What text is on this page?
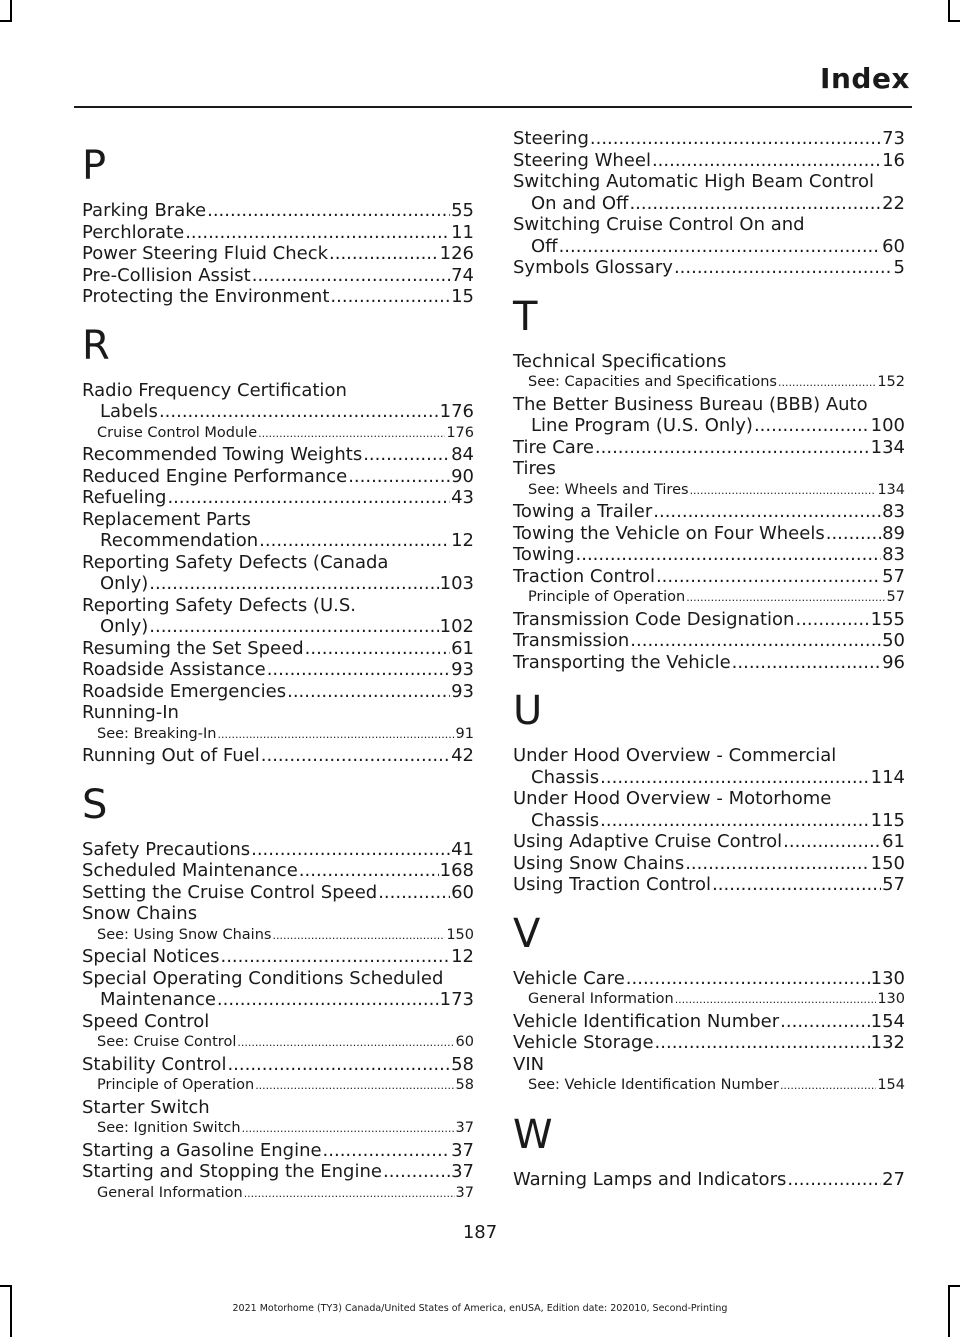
Index
P
Parking Brake .....	55
Perchlorate .....	11
Power Steering Fluid Check .....	126
Pre-Collision Assist .....	74
Protecting the Environment .....	15
R
Radio Frequency Certification
Labels .....	176
Cruise Control Module .....	176
Recommended Towing Weights .....	84
Reduced Engine Performance .....	90
Refueling .....	43
Replacement Parts
Recommendation .....	12
Reporting Safety Defects (Canada
Only) .....	103
Reporting Safety Defects (U.S.
Only) .....	102
Resuming the Set Speed .....	61
Roadside Assistance .....	93
Roadside Emergencies .....	93
Running-In
See: Breaking-In .....	91
Running Out of Fuel .....	42
S
Safety Precautions .....	41
Scheduled Maintenance .....	168
Setting the Cruise Control Speed .....	60
Snow Chains
See: Using Snow Chains .....	150
Special Notices .....	12
Special Operating Conditions Scheduled
Maintenance .....	173
Speed Control
See: Cruise Control .....	60
Stability Control .....	58
Principle of Operation .....	58
Starter Switch
See: Ignition Switch .....	37
Starting a Gasoline Engine .....	37
Starting and Stopping the Engine .....	37
General Information .....	37
Steering .....	73
Steering Wheel .....	16
Switching Automatic High Beam Control
On and Off .....	22
Switching Cruise Control On and
Off .....	60
Symbols Glossary .....	5
T
Technical Specifications
See: Capacities and Specifications .....	152
The Better Business Bureau (BBB) Auto
Line Program (U.S. Only) .....	100
Tire Care .....	134
Tires
See: Wheels and Tires .....	134
Towing a Trailer .....	83
Towing the Vehicle on Four Wheels .....	89
Towing .....	83
Traction Control .....	57
Principle of Operation .....	57
Transmission Code Designation .....	155
Transmission .....	50
Transporting the Vehicle .....	96
U
Under Hood Overview - Commercial
Chassis .....	114
Under Hood Overview - Motorhome
Chassis .....	115
Using Adaptive Cruise Control .....	61
Using Snow Chains .....	150
Using Traction Control .....	57
V
Vehicle Care .....	130
General Information .....	130
Vehicle Identification Number .....	154
Vehicle Storage .....	132
VIN
See: Vehicle Identification Number .....	154
W
Warning Lamps and Indicators .....	27
187
2021 Motorhome (TY3) Canada/United States of America, enUSA, Edition date: 202010, Second-Printing
